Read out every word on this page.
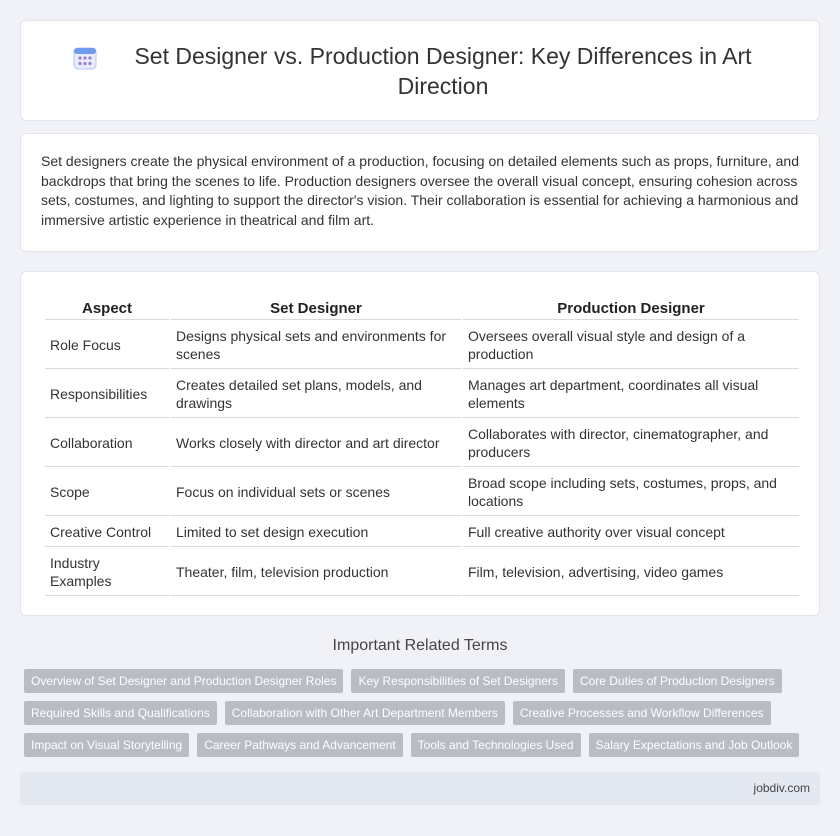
Set Designer vs. Production Designer: Key Differences in Art Direction

Set designers create the physical environment of a production, focusing on detailed elements such as props, furniture, and backdrops that bring the scenes to life. Production designers oversee the overall visual concept, ensuring cohesion across sets, costumes, and lighting to support the director's vision. Their collaboration is essential for achieving a harmonious and immersive artistic experience in theatrical and film art.

Aspect	Set Designer	Production Designer
Role Focus	Designs physical sets and environments for scenes	Oversees overall visual style and design of a production
Responsibilities	Creates detailed set plans, models, and drawings	Manages art department, coordinates all visual elements
Collaboration	Works closely with director and art director	Collaborates with director, cinematographer, and producers
Scope	Focus on individual sets or scenes	Broad scope including sets, costumes, props, and locations
Creative Control	Limited to set design execution	Full creative authority over visual concept
Industry Examples	Theater, film, television production	Film, television, advertising, video games
Important Related Terms
Overview of Set Designer and Production Designer Roles	Key Responsibilities of Set Designers	Core Duties of Production Designers
Required Skills and Qualifications	Collaboration with Other Art Department Members	Creative Processes and Workflow Differences
Impact on Visual Storytelling	Career Pathways and Advancement	Tools and Technologies Used	Salary Expectations and Job Outlook
jobdiv.com
